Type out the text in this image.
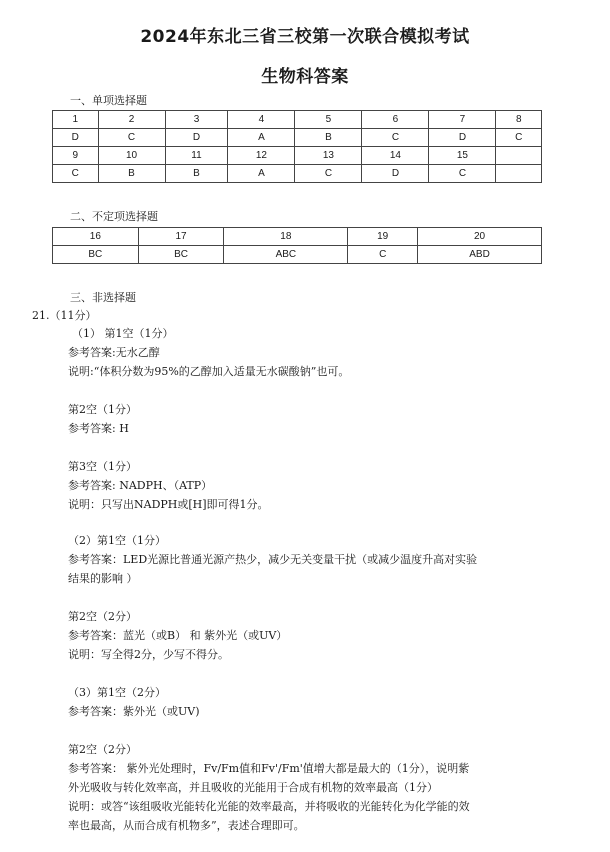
2024年东北三省三校第一次联合模拟考试
生物科答案
一、单项选择题
1	2	3	4	5	6	7	8
D	C	D	A	B	C	D	C
9	10	11	12	13	14	15	
C	B	B	A	C	D	C	
二、不定项选择题
16	17	18	19	20
BC	BC	ABC	C	ABD
三、非选择题
21.（11分）
（1） 第1空（1分）
参考答案:无水乙醇
说明:“体积分数为95%的乙醇加入适量无水碳酸钠”也可。
第2空（1分）
参考答案: H
第3空（1分）
参考答案: NADPH、（ATP）
说明：只写出NADPH或[H]即可得1分。
（2）第1空（1分）
参考答案：LED光源比普通光源产热少，减少无关变量干扰（或减少温度升高对实验
结果的影响 ）
第2空（2分）
参考答案：蓝光（或B） 和 紫外光（或UV）
说明：写全得2分，少写不得分。
（3）第1空（2分）
参考答案：紫外光（或UV)
第2空（2分）
参考答案： 紫外光处理时，Fv/Fm值和Fv'/Fm'值增大都是最大的（1分），说明紫
外光吸收与转化效率高，并且吸收的光能用于合成有机物的效率最高（1分）
说明：或答“该组吸收光能转化光能的效率最高，并将吸收的光能转化为化学能的效
率也最高，从而合成有机物多”，表述合理即可。
